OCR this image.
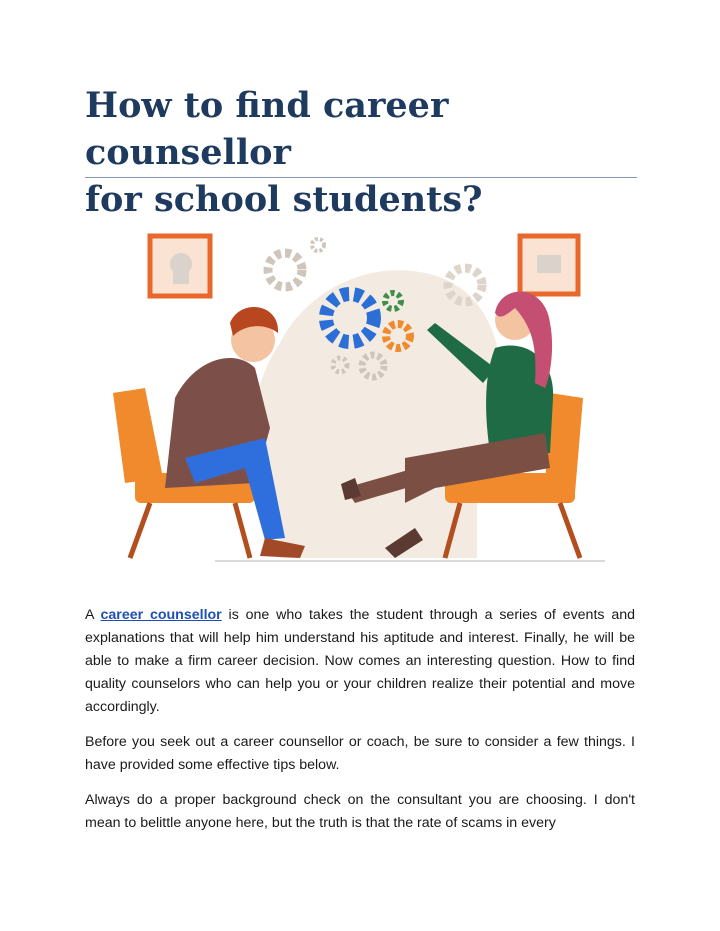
How to find career counsellor
for school students?

A career counsellor is one who takes the student through a series of events and explanations that will help him understand his aptitude and interest. Finally, he will be able to make a firm career decision. Now comes an interesting question. How to find quality counselors who can help you or your children realize their potential and move accordingly.

Before you seek out a career counsellor or coach, be sure to consider a few things. I have provided some effective tips below.

Always do a proper background check on the consultant you are choosing. I don't mean to belittle anyone here, but the truth is that the rate of scams in every
